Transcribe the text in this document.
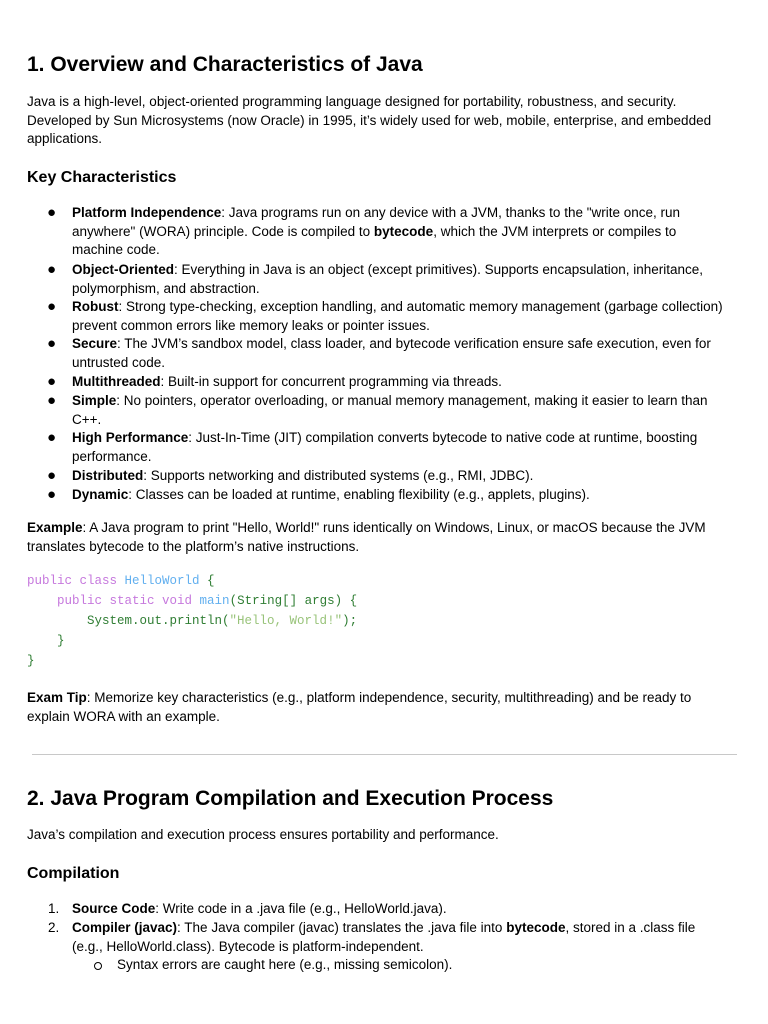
1. Overview and Characteristics of Java

Java is a high-level, object-oriented programming language designed for portability, robustness, and security.
Developed by Sun Microsystems (now Oracle) in 1995, it’s widely used for web, mobile, enterprise, and embedded
applications.

Key Characteristics
● Platform Independence: Java programs run on any device with a JVM, thanks to the "write once, run
anywhere" (WORA) principle. Code is compiled to bytecode, which the JVM interprets or compiles to
machine code.

● Object-Oriented: Everything in Java is an object (except primitives). Supports encapsulation, inheritance,
polymorphism, and abstraction.

● Robust: Strong type-checking, exception handling, and automatic memory management (garbage collection)
prevent common errors like memory leaks or pointer issues.

● Secure: The JVM’s sandbox model, class loader, and bytecode verification ensure safe execution, even for
untrusted code.

● Multithreaded: Built-in support for concurrent programming via threads.

● Simple: No pointers, operator overloading, or manual memory management, making it easier to learn than
C++.

● High Performance: Just-In-Time (JIT) compilation converts bytecode to native code at runtime, boosting
performance.

● Distributed: Supports networking and distributed systems (e.g., RMI, JDBC).

● Dynamic: Classes can be loaded at runtime, enabling flexibility (e.g., applets, plugins).

Example: A Java program to print "Hello, World!" runs identically on Windows, Linux, or macOS because the JVM
translates bytecode to the platform’s native instructions.

public class HelloWorld {
public static void main(String[] args) {
System.out.println("Hello, World!");
}
}

Exam Tip: Memorize key characteristics (e.g., platform independence, security, multithreading) and be ready to
explain WORA with an example.

2. Java Program Compilation and Execution Process

Java’s compilation and execution process ensures portability and performance.

Compilation
1. Source Code: Write code in a .java file (e.g., HelloWorld.java).

2. Compiler (javac): The Java compiler (javac) translates the .java file into bytecode, stored in a .class file
(e.g., HelloWorld.class). Bytecode is platform-independent.

Syntax errors are caught here (e.g., missing semicolon).
